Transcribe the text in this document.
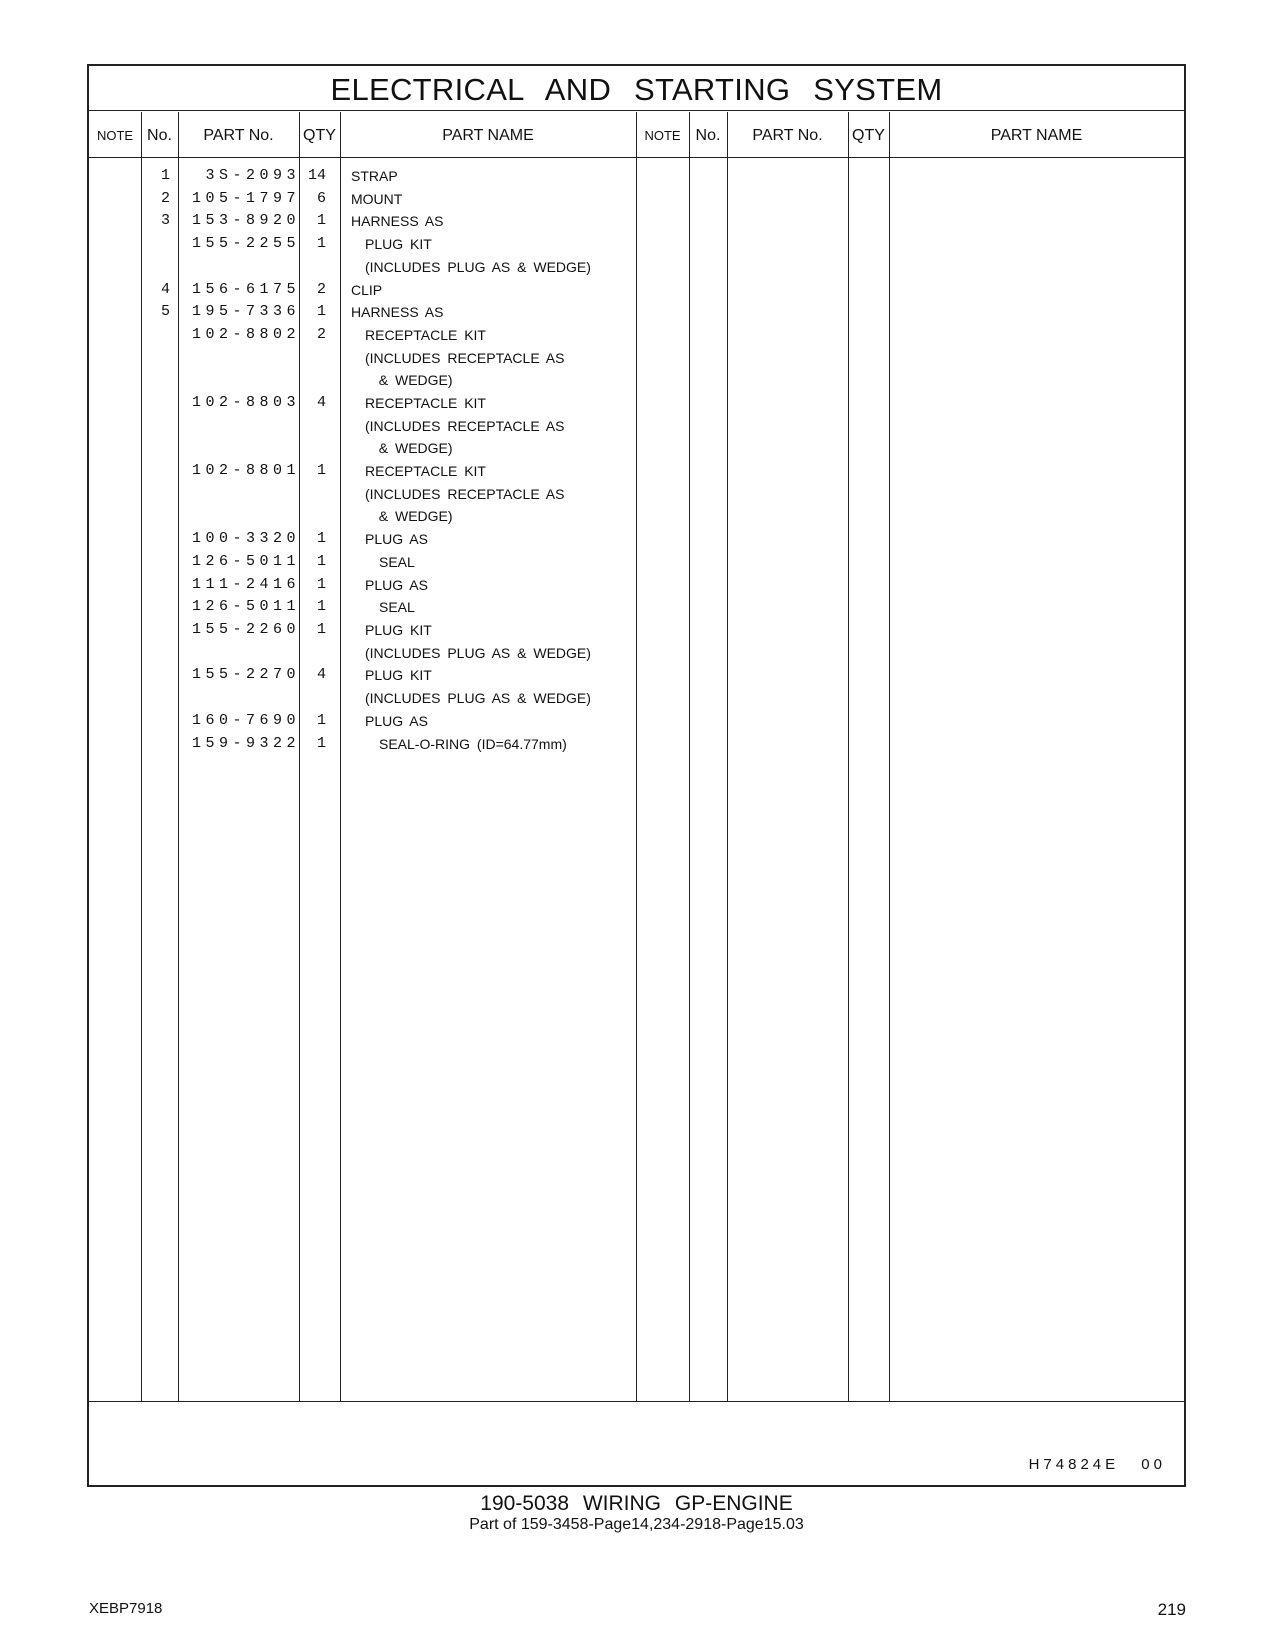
ELECTRICAL AND STARTING SYSTEM
NOTE No.	PART No.	QTY	PART NAME	NOTE No.	PART No.	QTY	PART NAME
1	3S-2093 14 STRAP
2 105-1797	6 MOUNT
3 153-8920	1 HARNESS AS
155-2255	1	PLUG KIT
(INCLUDES PLUG AS & WEDGE)
4 156-6175	2 CLIP
5 195-7336	1 HARNESS AS
102-8802	2	RECEPTACLE KIT
(INCLUDES RECEPTACLE AS
& WEDGE)
102-8803	4	RECEPTACLE KIT
(INCLUDES RECEPTACLE AS
& WEDGE)
102-8801	1	RECEPTACLE KIT
(INCLUDES RECEPTACLE AS
& WEDGE)
100-3320	1	PLUG AS
126-5011	1	SEAL
111-2416	1	PLUG AS
126-5011	1	SEAL
155-2260	1	PLUG KIT
(INCLUDES PLUG AS & WEDGE)
155-2270	4	PLUG KIT
(INCLUDES PLUG AS & WEDGE)
160-7690	1	PLUG AS
159-9322	1	SEAL-O-RING (ID=64.77mm)
H74824E 00
190-5038 WIRING GP-ENGINE
Part of 159-3458-Page14,234-2918-Page15.03
XEBP7918	219
